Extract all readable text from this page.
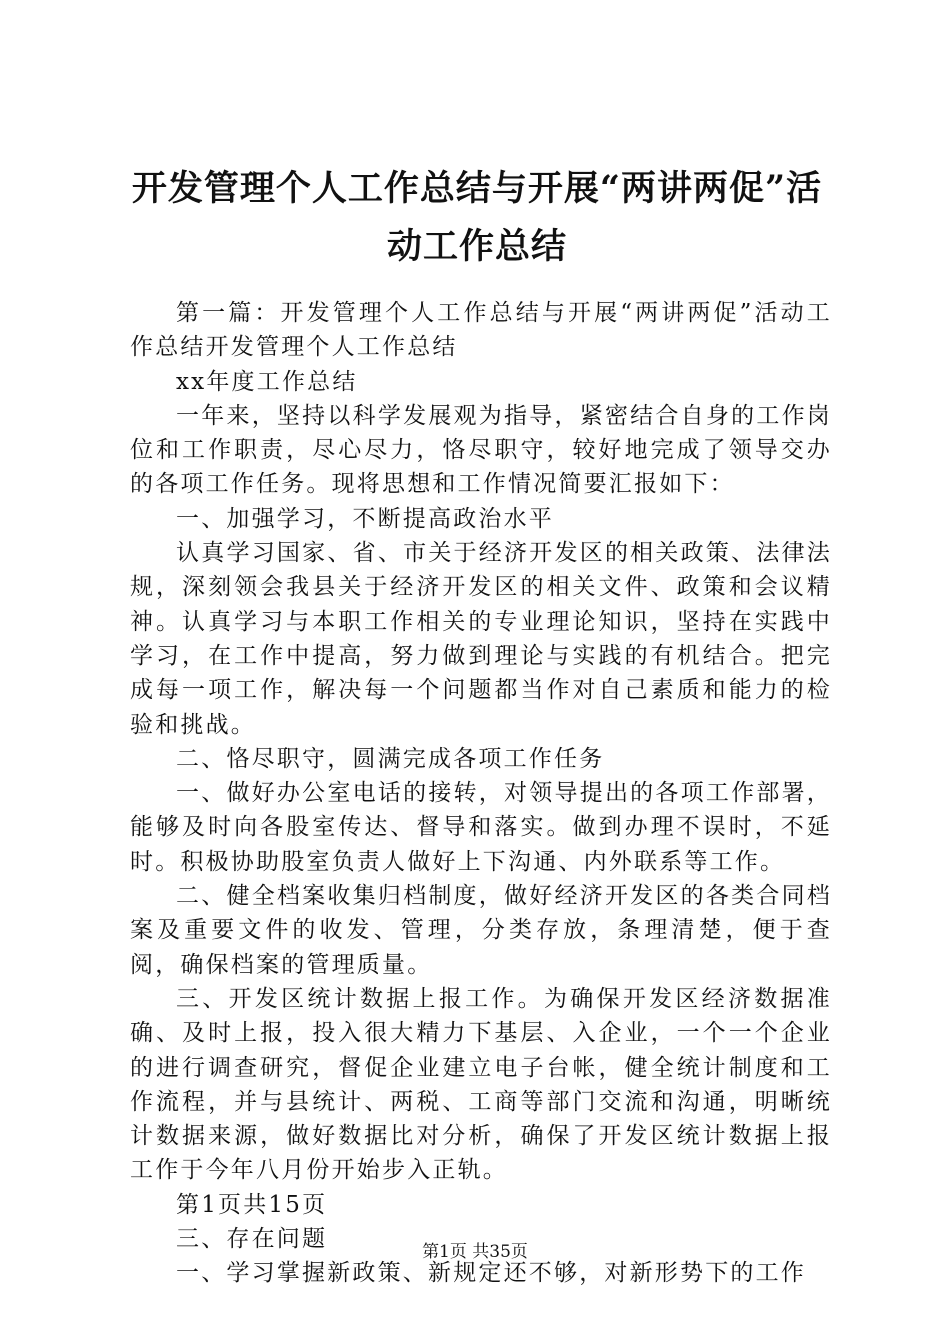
开发管理个人工作总结与开展“两讲两促”活动工作总结

第一篇：开发管理个人工作总结与开展“两讲两促”活动工作总结开发管理个人工作总结

xx年度工作总结

一年来，坚持以科学发展观为指导，紧密结合自身的工作岗位和工作职责，尽心尽力，恪尽职守，较好地完成了领导交办的各项工作任务。现将思想和工作情况简要汇报如下：

一、加强学习，不断提高政治水平

认真学习国家、省、市关于经济开发区的相关政策、法律法规，深刻领会我县关于经济开发区的相关文件、政策和会议精神。认真学习与本职工作相关的专业理论知识，坚持在实践中学习，在工作中提高，努力做到理论与实践的有机结合。把完成每一项工作，解决每一个问题都当作对自己素质和能力的检验和挑战。

二、恪尽职守，圆满完成各项工作任务

一、做好办公室电话的接转，对领导提出的各项工作部署，能够及时向各股室传达、督导和落实。做到办理不误时，不延时。积极协助股室负责人做好上下沟通、内外联系等工作。

二、健全档案收集归档制度，做好经济开发区的各类合同档案及重要文件的收发、管理，分类存放，条理清楚，便于查阅，确保档案的管理质量。

三、开发区统计数据上报工作。为确保开发区经济数据准确、及时上报，投入很大精力下基层、入企业，一个一个企业的进行调查研究，督促企业建立电子台帐，健全统计制度和工作流程，并与县统计、两税、工商等部门交流和沟通，明晰统计数据来源，做好数据比对分析，确保了开发区统计数据上报工作于今年八月份开始步入正轨。

第1页共15页

三、存在问题

一、学习掌握新政策、新规定还不够，对新形势下的工作

第1页 共35页
